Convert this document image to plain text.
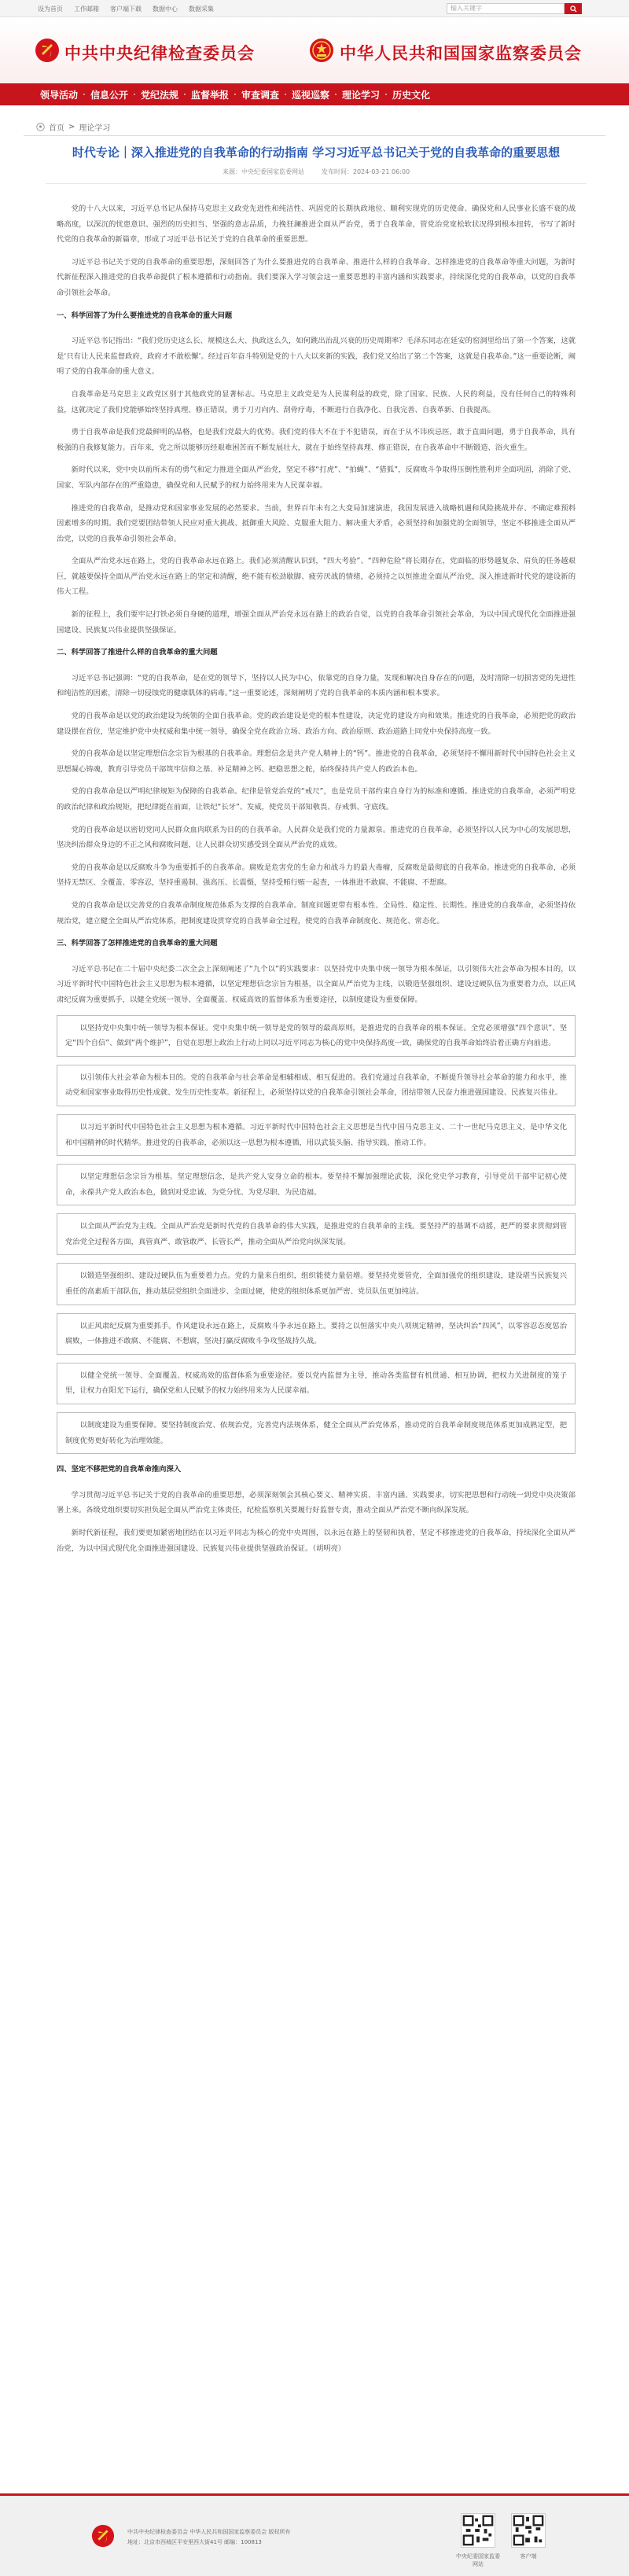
设为首页 工作邮箱 客户端下载 数据中心 数据采集	输入关键字
中共中央纪律检查委员会	中华人民共和国国家监察委员会
领导活动	信息公开	党纪法规	监督举报	审查调查	巡视巡察	理论学习	历史文化
首页 > 理论学习
时代专论｜深入推进党的自我革命的行动指南 学习习近平总书记关于党的自我革命的重要思想
来源：中央纪委国家监委网站	发布时间：2024-03-21 06:00
党的十八大以来，习近平总书记从保持马克思主义政党先进性和纯洁性、巩固党的长期执政地位、顺利实现党的历史使命、确保党和人民事业长盛不衰的战略高度，以深沉的忧患意识、强烈的历史担当、坚强的意志品质，力挽狂澜推进全面从严治党，勇于自我革命，管党治党宽松软状况得到根本扭转，书写了新时代党的自我革命的新篇章，形成了习近平总书记关于党的自我革命的重要思想。
习近平总书记关于党的自我革命的重要思想，深刻回答了为什么要推进党的自我革命、推进什么样的自我革命、怎样推进党的自我革命等重大问题，为新时代新征程深入推进党的自我革命提供了根本遵循和行动指南。我们要深入学习领会这一重要思想的丰富内涵和实践要求，持续深化党的自我革命，以党的自我革命引领社会革命。
一、科学回答了为什么要推进党的自我革命的重大问题
习近平总书记指出：“我们党历史这么长、规模这么大、执政这么久，如何跳出治乱兴衰的历史周期率？毛泽东同志在延安的窑洞里给出了第一个答案，这就是‘只有让人民来监督政府，政府才不敢松懈’。经过百年奋斗特别是党的十八大以来新的实践，我们党又给出了第二个答案，这就是自我革命。”这一重要论断，阐明了党的自我革命的重大意义。
自我革命是马克思主义政党区别于其他政党的显著标志。马克思主义政党是为人民谋利益的政党，除了国家、民族、人民的利益，没有任何自己的特殊利益，这就决定了我们党能够始终坚持真理、修正错误，勇于刀刃向内、刮骨疗毒，不断进行自我净化、自我完善、自我革新、自我提高。
勇于自我革命是我们党最鲜明的品格，也是我们党最大的优势。我们党的伟大不在于不犯错误，而在于从不讳疾忌医，敢于直面问题，勇于自我革命，具有极强的自我修复能力。百年来，党之所以能够历经艰难困苦而不断发展壮大，就在于始终坚持真理、修正错误，在自我革命中不断锻造、浴火重生。
新时代以来，党中央以前所未有的勇气和定力推进全面从严治党，坚定不移“打虎”、“拍蝇”、“猎狐”，反腐败斗争取得压倒性胜利并全面巩固，消除了党、国家、军队内部存在的严重隐患，确保党和人民赋予的权力始终用来为人民谋幸福。
推进党的自我革命，是推动党和国家事业发展的必然要求。当前，世界百年未有之大变局加速演进，我国发展进入战略机遇和风险挑战并存、不确定难预料因素增多的时期。我们党要团结带领人民应对重大挑战、抵御重大风险、克服重大阻力、解决重大矛盾，必须坚持和加强党的全面领导，坚定不移推进全面从严治党，以党的自我革命引领社会革命。
全面从严治党永远在路上，党的自我革命永远在路上。我们必须清醒认识到，“四大考验”、“四种危险”将长期存在，党面临的形势越复杂、肩负的任务越艰巨，就越要保持全面从严治党永远在路上的坚定和清醒，绝不能有松劲歇脚、疲劳厌战的情绪，必须持之以恒推进全面从严治党，深入推进新时代党的建设新的伟大工程。
新的征程上，我们要牢记打铁必须自身硬的道理，增强全面从严治党永远在路上的政治自觉，以党的自我革命引领社会革命，为以中国式现代化全面推进强国建设、民族复兴伟业提供坚强保证。
二、科学回答了推进什么样的自我革命的重大问题
习近平总书记强调：“党的自我革命，是在党的领导下，坚持以人民为中心，依靠党的自身力量，发现和解决自身存在的问题，及时清除一切损害党的先进性和纯洁性的因素，清除一切侵蚀党的健康肌体的病毒。”这一重要论述，深刻阐明了党的自我革命的本质内涵和根本要求。
党的自我革命是以党的政治建设为统领的全面自我革命。党的政治建设是党的根本性建设，决定党的建设方向和效果。推进党的自我革命，必须把党的政治建设摆在首位，坚定维护党中央权威和集中统一领导，确保全党在政治立场、政治方向、政治原则、政治道路上同党中央保持高度一致。
党的自我革命是以坚定理想信念宗旨为根基的自我革命。理想信念是共产党人精神上的“钙”。推进党的自我革命，必须坚持不懈用新时代中国特色社会主义思想凝心铸魂，教育引导党员干部筑牢信仰之基、补足精神之钙、把稳思想之舵，始终保持共产党人的政治本色。
党的自我革命是以严明纪律规矩为保障的自我革命。纪律是管党治党的“戒尺”，也是党员干部约束自身行为的标准和遵循。推进党的自我革命，必须严明党的政治纪律和政治规矩，把纪律挺在前面，让铁纪“长牙”、发威，使党员干部知敬畏、存戒惧、守底线。
党的自我革命是以密切党同人民群众血肉联系为目的的自我革命。人民群众是我们党的力量源泉。推进党的自我革命，必须坚持以人民为中心的发展思想，坚决纠治群众身边的不正之风和腐败问题，让人民群众切实感受到全面从严治党的成效。
党的自我革命是以反腐败斗争为重要抓手的自我革命。腐败是危害党的生命力和战斗力的最大毒瘤，反腐败是最彻底的自我革命。推进党的自我革命，必须坚持无禁区、全覆盖、零容忍，坚持重遏制、强高压、长震慑，坚持受贿行贿一起查，一体推进不敢腐、不能腐、不想腐。
党的自我革命是以完善党的自我革命制度规范体系为支撑的自我革命。制度问题更带有根本性、全局性、稳定性、长期性。推进党的自我革命，必须坚持依规治党，建立健全全面从严治党体系，把制度建设贯穿党的自我革命全过程，使党的自我革命制度化、规范化、常态化。
三、科学回答了怎样推进党的自我革命的重大问题
习近平总书记在二十届中央纪委二次全会上深刻阐述了“九个以”的实践要求：以坚持党中央集中统一领导为根本保证，以引领伟大社会革命为根本目的，以习近平新时代中国特色社会主义思想为根本遵循，以坚定理想信念宗旨为根基，以全面从严治党为主线，以锻造坚强组织、建设过硬队伍为重要着力点，以正风肃纪反腐为重要抓手，以健全党统一领导、全面覆盖、权威高效的监督体系为重要途径，以制度建设为重要保障。
以坚持党中央集中统一领导为根本保证。党中央集中统一领导是党的领导的最高原则，是推进党的自我革命的根本保证。全党必须增强“四个意识”、坚定“四个自信”、做到“两个维护”，自觉在思想上政治上行动上同以习近平同志为核心的党中央保持高度一致，确保党的自我革命始终沿着正确方向前进。
以引领伟大社会革命为根本目的。党的自我革命与社会革命是相辅相成、相互促进的。我们党通过自我革命，不断提升领导社会革命的能力和水平，推动党和国家事业取得历史性成就、发生历史性变革。新征程上，必须坚持以党的自我革命引领社会革命，团结带领人民奋力推进强国建设、民族复兴伟业。
以习近平新时代中国特色社会主义思想为根本遵循。习近平新时代中国特色社会主义思想是当代中国马克思主义、二十一世纪马克思主义，是中华文化和中国精神的时代精华。推进党的自我革命，必须以这一思想为根本遵循，用以武装头脑、指导实践、推动工作。
以坚定理想信念宗旨为根基。坚定理想信念，是共产党人安身立命的根本。要坚持不懈加强理论武装，深化党史学习教育，引导党员干部牢记初心使命，永葆共产党人政治本色，做到对党忠诚、为党分忧、为党尽职、为民造福。
以全面从严治党为主线。全面从严治党是新时代党的自我革命的伟大实践，是推进党的自我革命的主线。要坚持严的基调不动摇，把严的要求贯彻到管党治党全过程各方面，真管真严、敢管敢严、长管长严，推动全面从严治党向纵深发展。
以锻造坚强组织、建设过硬队伍为重要着力点。党的力量来自组织，组织能使力量倍增。要坚持党要管党，全面加强党的组织建设，建设堪当民族复兴重任的高素质干部队伍，推动基层党组织全面进步、全面过硬，使党的组织体系更加严密、党员队伍更加纯洁。
以正风肃纪反腐为重要抓手。作风建设永远在路上，反腐败斗争永远在路上。要持之以恒落实中央八项规定精神，坚决纠治“四风”，以零容忍态度惩治腐败，一体推进不敢腐、不能腐、不想腐，坚决打赢反腐败斗争攻坚战持久战。
以健全党统一领导、全面覆盖、权威高效的监督体系为重要途径。要以党内监督为主导，推动各类监督有机贯通、相互协调，把权力关进制度的笼子里，让权力在阳光下运行，确保党和人民赋予的权力始终用来为人民谋幸福。
以制度建设为重要保障。要坚持制度治党、依规治党，完善党内法规体系，健全全面从严治党体系，推动党的自我革命制度规范体系更加成熟定型，把制度优势更好转化为治理效能。
四、坚定不移把党的自我革命推向深入
学习贯彻习近平总书记关于党的自我革命的重要思想，必须深刻领会其核心要义、精神实质、丰富内涵、实践要求，切实把思想和行动统一到党中央决策部署上来。各级党组织要切实担负起全面从严治党主体责任，纪检监察机关要履行好监督专责，推动全面从严治党不断向纵深发展。
新时代新征程，我们要更加紧密地团结在以习近平同志为核心的党中央周围，以永远在路上的坚韧和执着，坚定不移推进党的自我革命，持续深化全面从严治党，为以中国式现代化全面推进强国建设、民族复兴伟业提供坚强政治保证。（胡明亮）
中共中央纪律检查委员会 中华人民共和国国家监察委员会 版权所有
地址：北京市西城区平安里西大街41号 邮编：100813
中央纪委国家监委网站
客户端
